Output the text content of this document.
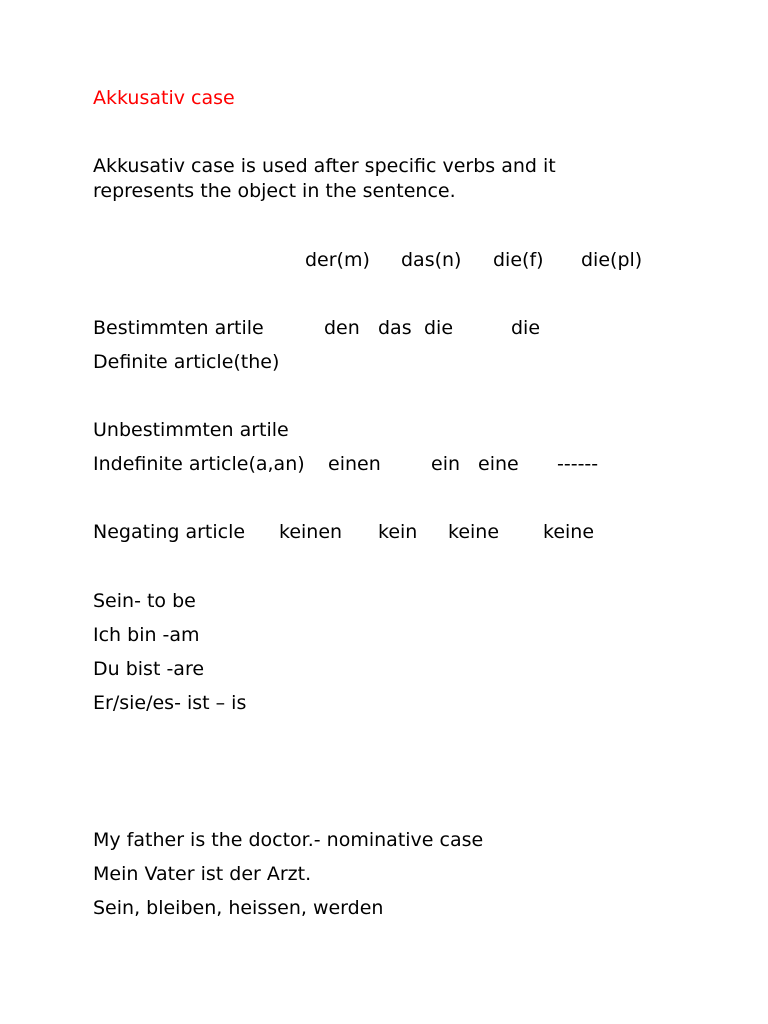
Akkusativ case

Akkusativ case is used after specific verbs and it

represents the object in the sentence.

der(m) das(n) die(f) die(pl)

Bestimmten artile	den das die	die

Definite article(the)

Unbestimmten artile

Indefinite article(a,an) einen	ein eine ------

Negating article keinen kein keine keine

Sein- to be

Ich bin -am

Du bist -are

Er/sie/es- ist – is

My father is the doctor.- nominative case

Mein Vater ist der Arzt.

Sein, bleiben, heissen, werden
